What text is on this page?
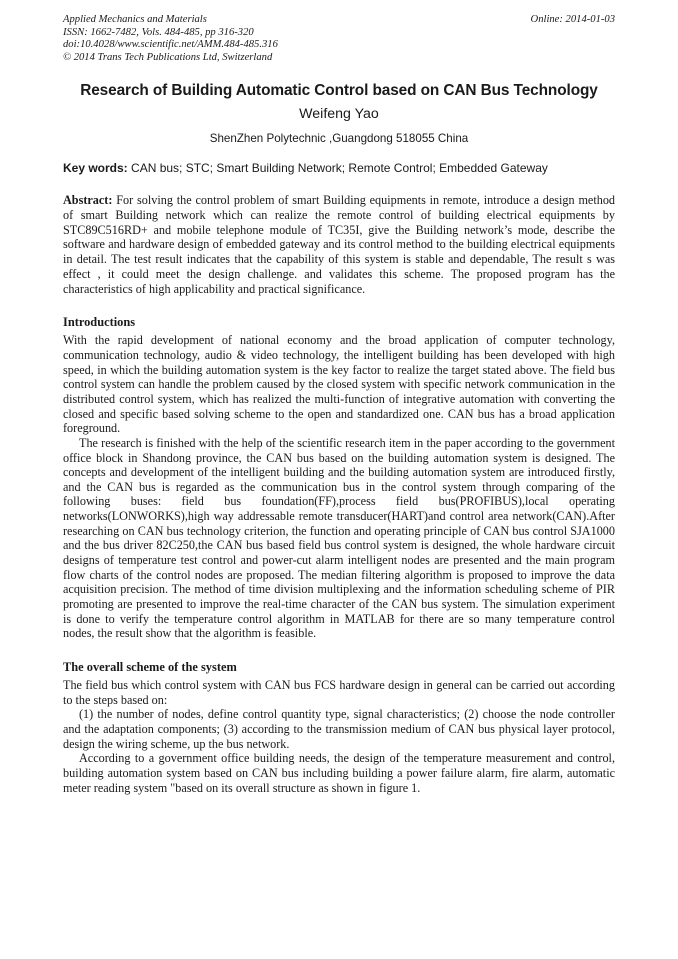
Applied Mechanics and Materials
ISSN: 1662-7482, Vols. 484-485, pp 316-320
doi:10.4028/www.scientific.net/AMM.484-485.316
© 2014 Trans Tech Publications Ltd, Switzerland
Online: 2014-01-03
Research of Building Automatic Control based on CAN Bus Technology
Weifeng Yao
ShenZhen Polytechnic ,Guangdong 518055 China
Key words: CAN bus; STC; Smart Building Network; Remote Control; Embedded Gateway
Abstract: For solving the control problem of smart Building equipments in remote, introduce a design method of smart Building network which can realize the remote control of building electrical equipments by STC89C516RD+ and mobile telephone module of TC35I, give the Building network’s mode, describe the software and hardware design of embedded gateway and its control method to the building electrical equipments in detail. The test result indicates that the capability of this system is stable and dependable, The result s was effect , it could meet the design challenge. and validates this scheme. The proposed program has the characteristics of high applicability and practical significance.
Introductions

With the rapid development of national economy and the broad application of computer technology, communication technology, audio & video technology, the intelligent building has been developed with high speed, in which the building automation system is the key factor to realize the target stated above. The field bus control system can handle the problem caused by the closed system with specific network communication in the distributed control system, which has realized the multi-function of integrative automation with converting the closed and specific based solving scheme to the open and standardized one. CAN bus has a broad application foreground.

The research is finished with the help of the scientific research item in the paper according to the government office block in Shandong province, the CAN bus based on the building automation system is designed. The concepts and development of the intelligent building and the building automation system are introduced firstly, and the CAN bus is regarded as the communication bus in the control system through comparing of the following buses: field bus foundation(FF),process field bus(PROFIBUS),local operating networks(LONWORKS),high way addressable remote transducer(HART)and control area network(CAN).After researching on CAN bus technology criterion, the function and operating principle of CAN bus control SJA1000 and the bus driver 82C250,the CAN bus based field bus control system is designed, the whole hardware circuit designs of temperature test control and power-cut alarm intelligent nodes are presented and the main program flow charts of the control nodes are proposed. The median filtering algorithm is proposed to improve the data acquisition precision. The method of time division multiplexing and the information scheduling scheme of PIR promoting are presented to improve the real-time character of the CAN bus system. The simulation experiment is done to verify the temperature control algorithm in MATLAB for there are so many temperature control nodes, the result show that the algorithm is feasible.

The overall scheme of the system

The field bus which control system with CAN bus FCS hardware design in general can be carried out according to the steps based on:

(1) the number of nodes, define control quantity type, signal characteristics; (2) choose the node controller and the adaptation components; (3) according to the transmission medium of CAN bus physical layer protocol, design the wiring scheme, up the bus network.

According to a government office building needs, the design of the temperature measurement and control, building automation system based on CAN bus including building a power failure alarm, fire alarm, automatic meter reading system "based on its overall structure as shown in figure 1.
